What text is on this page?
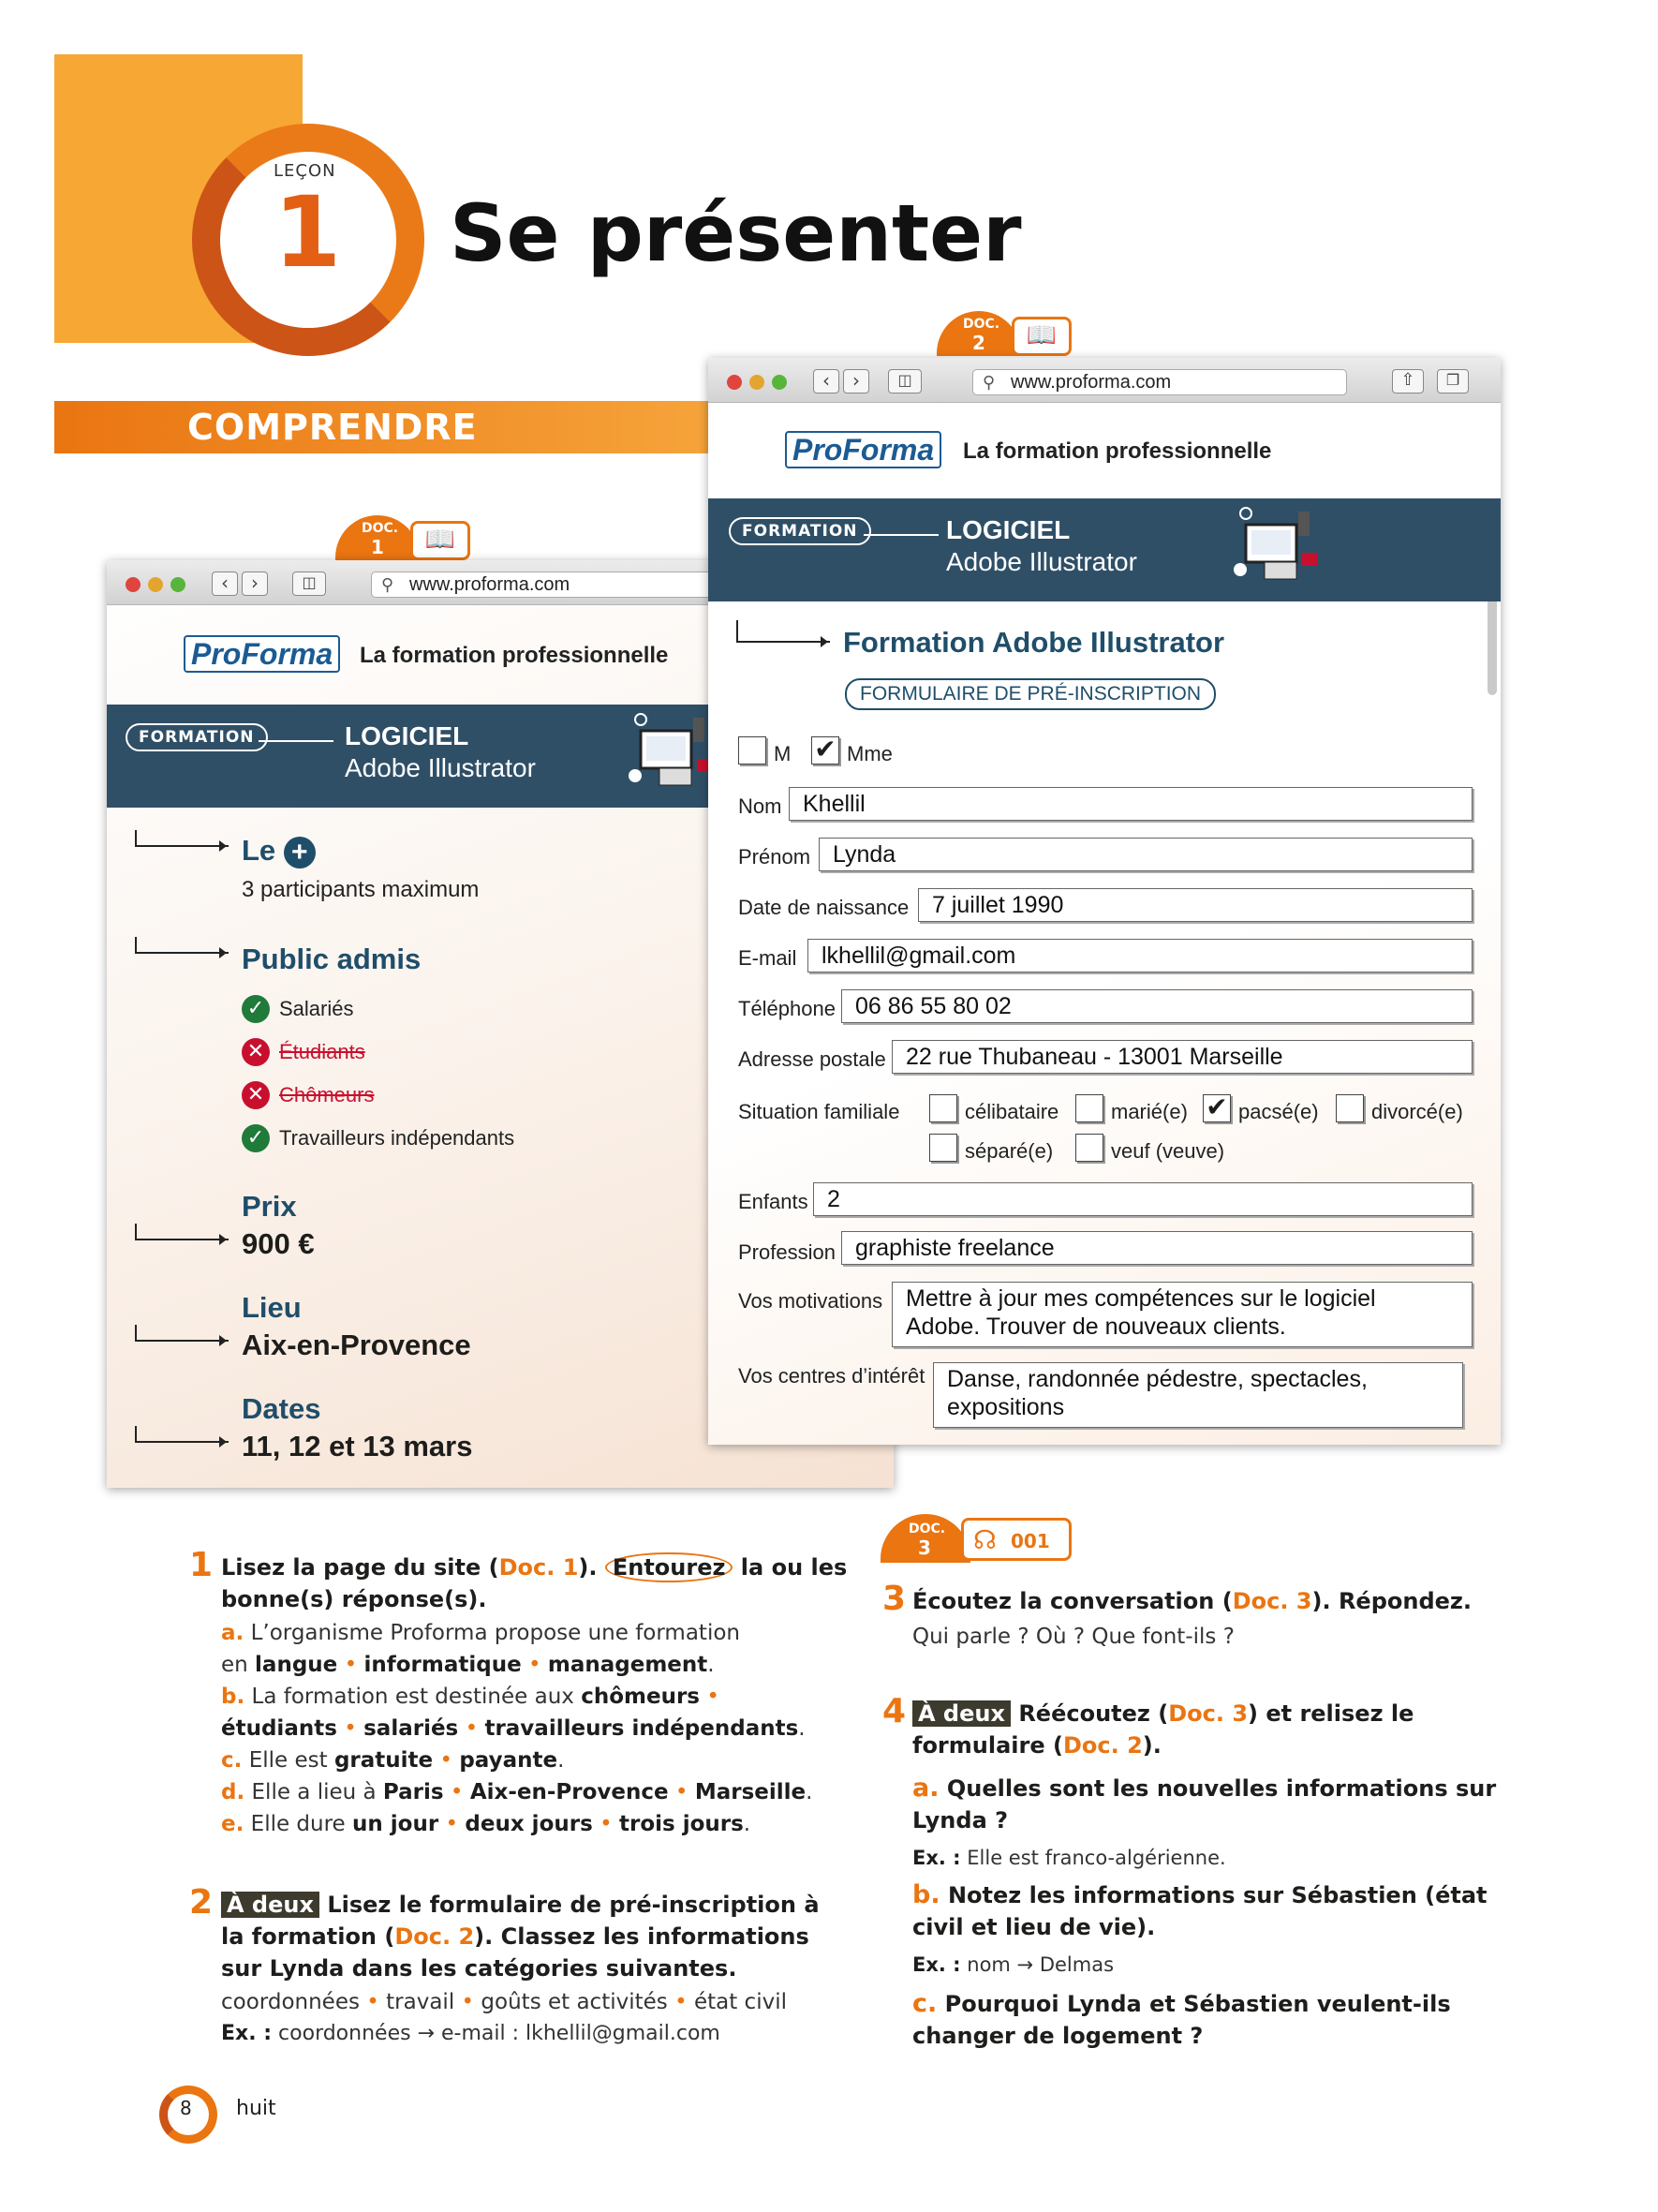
LEÇON
1 Se présenter
COMPRENDRE
DOC.
1	📖
‹	›	◫	⚲ www.proforma.com
ProForma	La formation professionnelle
FORMATION	LOGICIEL
Adobe Illustrator
Le +
3 participants maximum
Public admis
✓ Salariés
✕ Étudiants
✕ Chômeurs
✓ Travailleurs indépendants
Prix
900 €
Lieu
Aix-en-Provence
Dates
11, 12 et 13 mars
DOC.
2	📖
‹	›	◫	⚲ www.proforma.com	⇧	❐
ProForma	La formation professionnelle
FORMATION	LOGICIEL
Adobe Illustrator
Formation Adobe Illustrator
FORMULAIRE DE PRÉ-INSCRIPTION
M ✔ Mme
Nom Khellil
Prénom Lynda
Date de naissance 7 juillet 1990
E-mail	lkhellil@gmail.com
Téléphone 06 86 55 80 02
Adresse postale 22 rue Thubaneau - 13001 Marseille
Situation familiale	célibataire	marié(e) ✔ pacsé(e)	divorcé(e)
séparé(e)	veuf (veuve)
Enfants 2
Profession graphiste freelance
Vos motivations Mettre à jour mes compétences sur le logiciel
Adobe. Trouver de nouveaux clients.
Vos centres d’intérêt Danse, randonnée pédestre, spectacles,
expositions
DOC.
3 ☊ 001
1 Lisez la page du site (Doc. 1). Entourez la ou les
bonne(s) réponse(s).
a. L’organisme Proforma propose une formation
en langue • informatique • management.
b. La formation est destinée aux chômeurs •
étudiants • salariés • travailleurs indépendants.
c. Elle est gratuite • payante.
d. Elle a lieu à Paris • Aix-en-Provence • Marseille.
e. Elle dure un jour • deux jours • trois jours.
2 À deux Lisez le formulaire de pré-inscription à
la formation (Doc. 2). Classez les informations
sur Lynda dans les catégories suivantes.
coordonnées • travail • goûts et activités • état civil
Ex. : coordonnées → e-mail : lkhellil@gmail.com
3 Écoutez la conversation (Doc. 3). Répondez.
Qui parle ? Où ? Que font-ils ?
4 À deux Réécoutez (Doc. 3) et relisez le
formulaire (Doc. 2).
a. Quelles sont les nouvelles informations sur
Lynda ?
Ex. : Elle est franco-algérienne.
b. Notez les informations sur Sébastien (état
civil et lieu de vie).
Ex. : nom → Delmas
c. Pourquoi Lynda et Sébastien veulent-ils
changer de logement ?
8 huit
